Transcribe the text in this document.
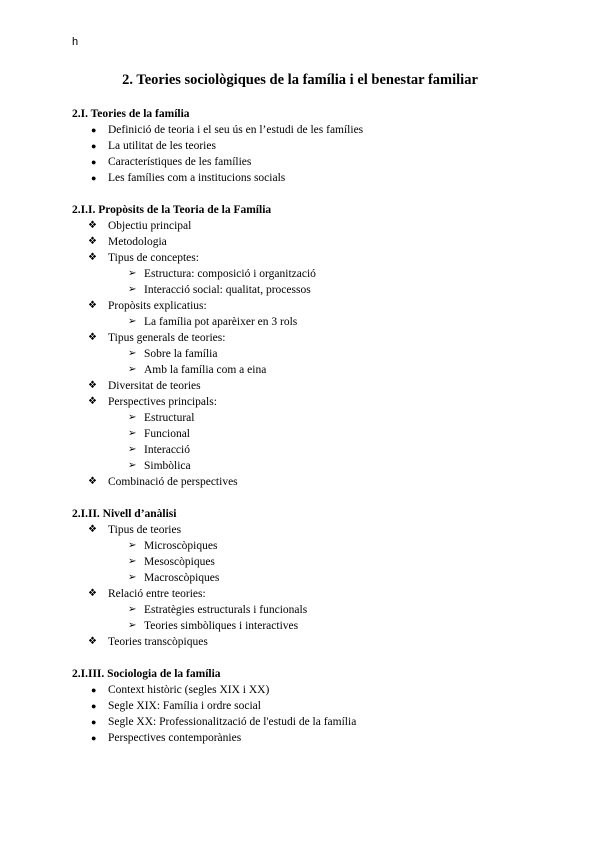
h
2. Teories sociològiques de la família i el benestar familiar
2.I. Teories de la família
● Definició de teoria i el seu ús en l’estudi de les famílies
● La utilitat de les teories
● Característiques de les famílies
● Les famílies com a institucions socials
2.I.I. Propòsits de la Teoria de la Família
❖ Objectiu principal
❖ Metodologia
❖ Tipus de conceptes:
➢ Estructura: composició i organització
➢ Interacció social: qualitat, processos
❖ Propòsits explicatius:
➢ La família pot aparèixer en 3 rols
❖ Tipus generals de teories:
➢ Sobre la família
➢ Amb la família com a eina
❖ Diversitat de teories
❖ Perspectives principals:
➢ Estructural
➢ Funcional
➢ Interacció
➢ Simbòlica
❖ Combinació de perspectives
2.I.II. Nivell d’anàlisi
❖ Tipus de teories
➢ Microscòpiques
➢ Mesoscòpiques
➢ Macroscòpiques
❖ Relació entre teories:
➢ Estratègies estructurals i funcionals
➢ Teories simbòliques i interactives
❖ Teories transcòpiques
2.I.III. Sociologia de la família
● Context històric (segles XIX i XX)
● Segle XIX: Família i ordre social
● Segle XX: Professionalització de l'estudi de la família
● Perspectives contemporànies
